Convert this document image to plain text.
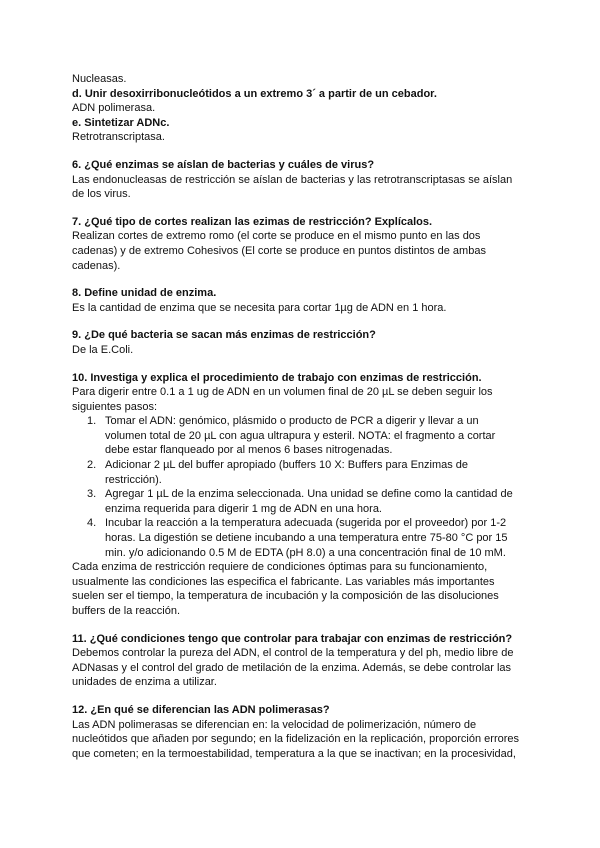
Nucleasas.
d. Unir desoxirribonucleótidos a un extremo 3´ a partir de un cebador.
ADN polimerasa.
e. Sintetizar ADNc.
Retrotranscriptasa.
6. ¿Qué enzimas se aíslan de bacterias y cuáles de virus?
Las endonucleasas de restricción se aíslan de bacterias y las retrotranscriptasas se aíslan
de los virus.
7. ¿Qué tipo de cortes realizan las ezimas de restricción? Explícalos.
Realizan cortes de extremo romo (el corte se produce en el mismo punto en las dos
cadenas) y de extremo Cohesivos (El corte se produce en puntos distintos de ambas
cadenas).
8. Define unidad de enzima.
Es la cantidad de enzima que se necesita para cortar 1µg de ADN en 1 hora.
9. ¿De qué bacteria se sacan más enzimas de restricción?
De la E.Coli.
10. Investiga y explica el procedimiento de trabajo con enzimas de restricción.
Para digerir entre 0.1 a 1 ug de ADN en un volumen final de 20 µL se deben seguir los
siguientes pasos:
1. Tomar el ADN: genómico, plásmido o producto de PCR a digerir y llevar a un
volumen total de 20 µL con agua ultrapura y esteril. NOTA: el fragmento a cortar
debe estar flanqueado por al menos 6 bases nitrogenadas.
2. Adicionar 2 µL del buffer apropiado (buffers 10 X: Buffers para Enzimas de
restricción).
3. Agregar 1 µL de la enzima seleccionada. Una unidad se define como la cantidad de
enzima requerida para digerir 1 mg de ADN en una hora.
4. Incubar la reacción a la temperatura adecuada (sugerida por el proveedor) por 1-2
horas. La digestión se detiene incubando a una temperatura entre 75-80 °C por 15
min. y/o adicionando 0.5 M de EDTA (pH 8.0) a una concentración final de 10 mM.
Cada enzima de restricción requiere de condiciones óptimas para su funcionamiento,
usualmente las condiciones las especifica el fabricante. Las variables más importantes
suelen ser el tiempo, la temperatura de incubación y la composición de las disoluciones
buffers de la reacción.
11. ¿Qué condiciones tengo que controlar para trabajar con enzimas de restricción?
Debemos controlar la pureza del ADN, el control de la temperatura y del ph, medio libre de
ADNasas y el control del grado de metilación de la enzima. Además, se debe controlar las
unidades de enzima a utilizar.
12. ¿En qué se diferencian las ADN polimerasas?
Las ADN polimerasas se diferencian en: la velocidad de polimerización, número de
nucleótidos que añaden por segundo; en la fidelización en la replicación, proporción errores
que cometen; en la termoestabilidad, temperatura a la que se inactivan; en la procesividad,
